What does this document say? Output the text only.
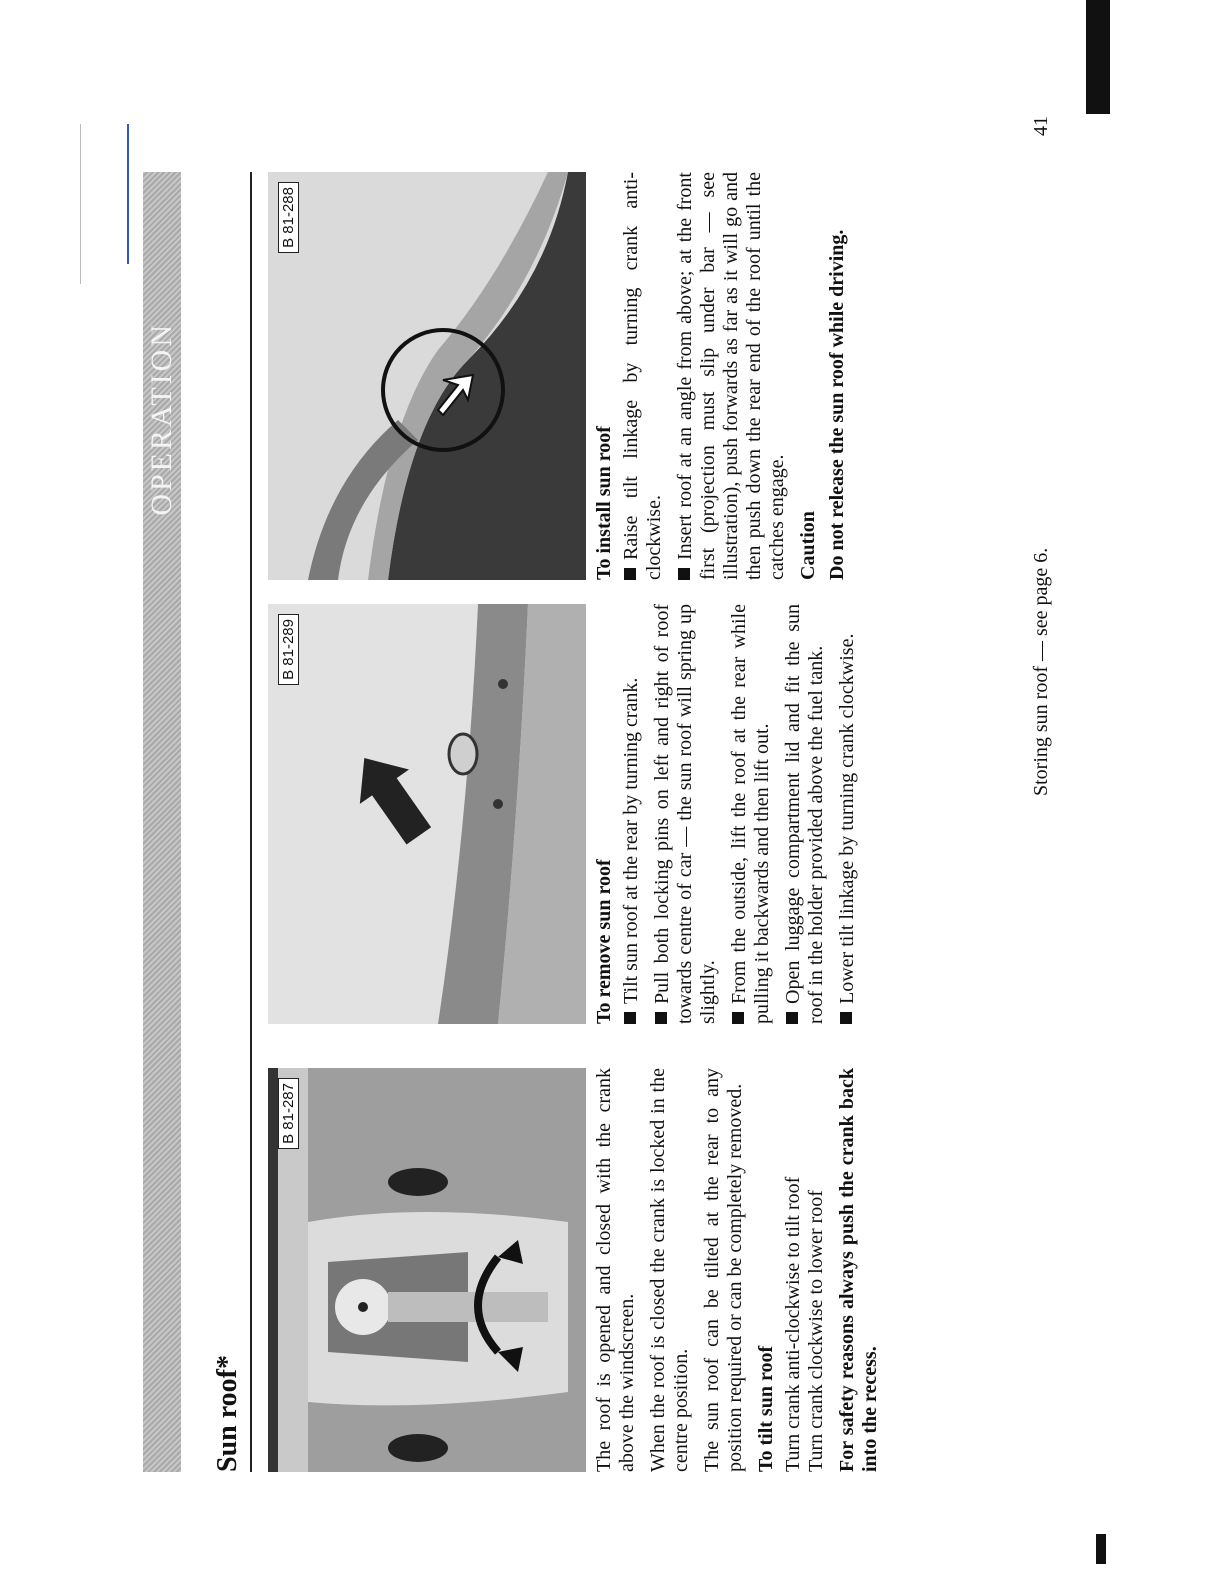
OPERATION
Sun roof*
B 81-287
B 81-289
B 81-288

The roof is opened and closed with the crank above the windscreen. When the roof is closed the crank is locked in the centre position. The sun roof can be tilted at the rear to any position required or can be completely removed. To tilt sun roof Turn crank anti-clockwise to tilt roof Turn crank clockwise to lower roof For safety reasons always push the crank back into the recess.

To remove sun roof Tilt sun roof at the rear by turning crank. Pull both locking pins on left and right of roof towards centre of car — the sun roof will spring up slightly. From the outside, lift the roof at the rear while pulling it backwards and then lift out. Open luggage compartment lid and fit the sun roof in the holder provided above the fuel tank. Lower tilt linkage by turning crank clockwise.

To install sun roof Raise tilt linkage by turning crank anti-clockwise. Insert roof at an angle from above; at the front first (projection must slip under bar — see illustration), push forwards as far as it will go and then push down the rear end of the roof until the catches engage. Caution Do not release the sun roof while driving.

Storing sun roof — see page 6.
41
